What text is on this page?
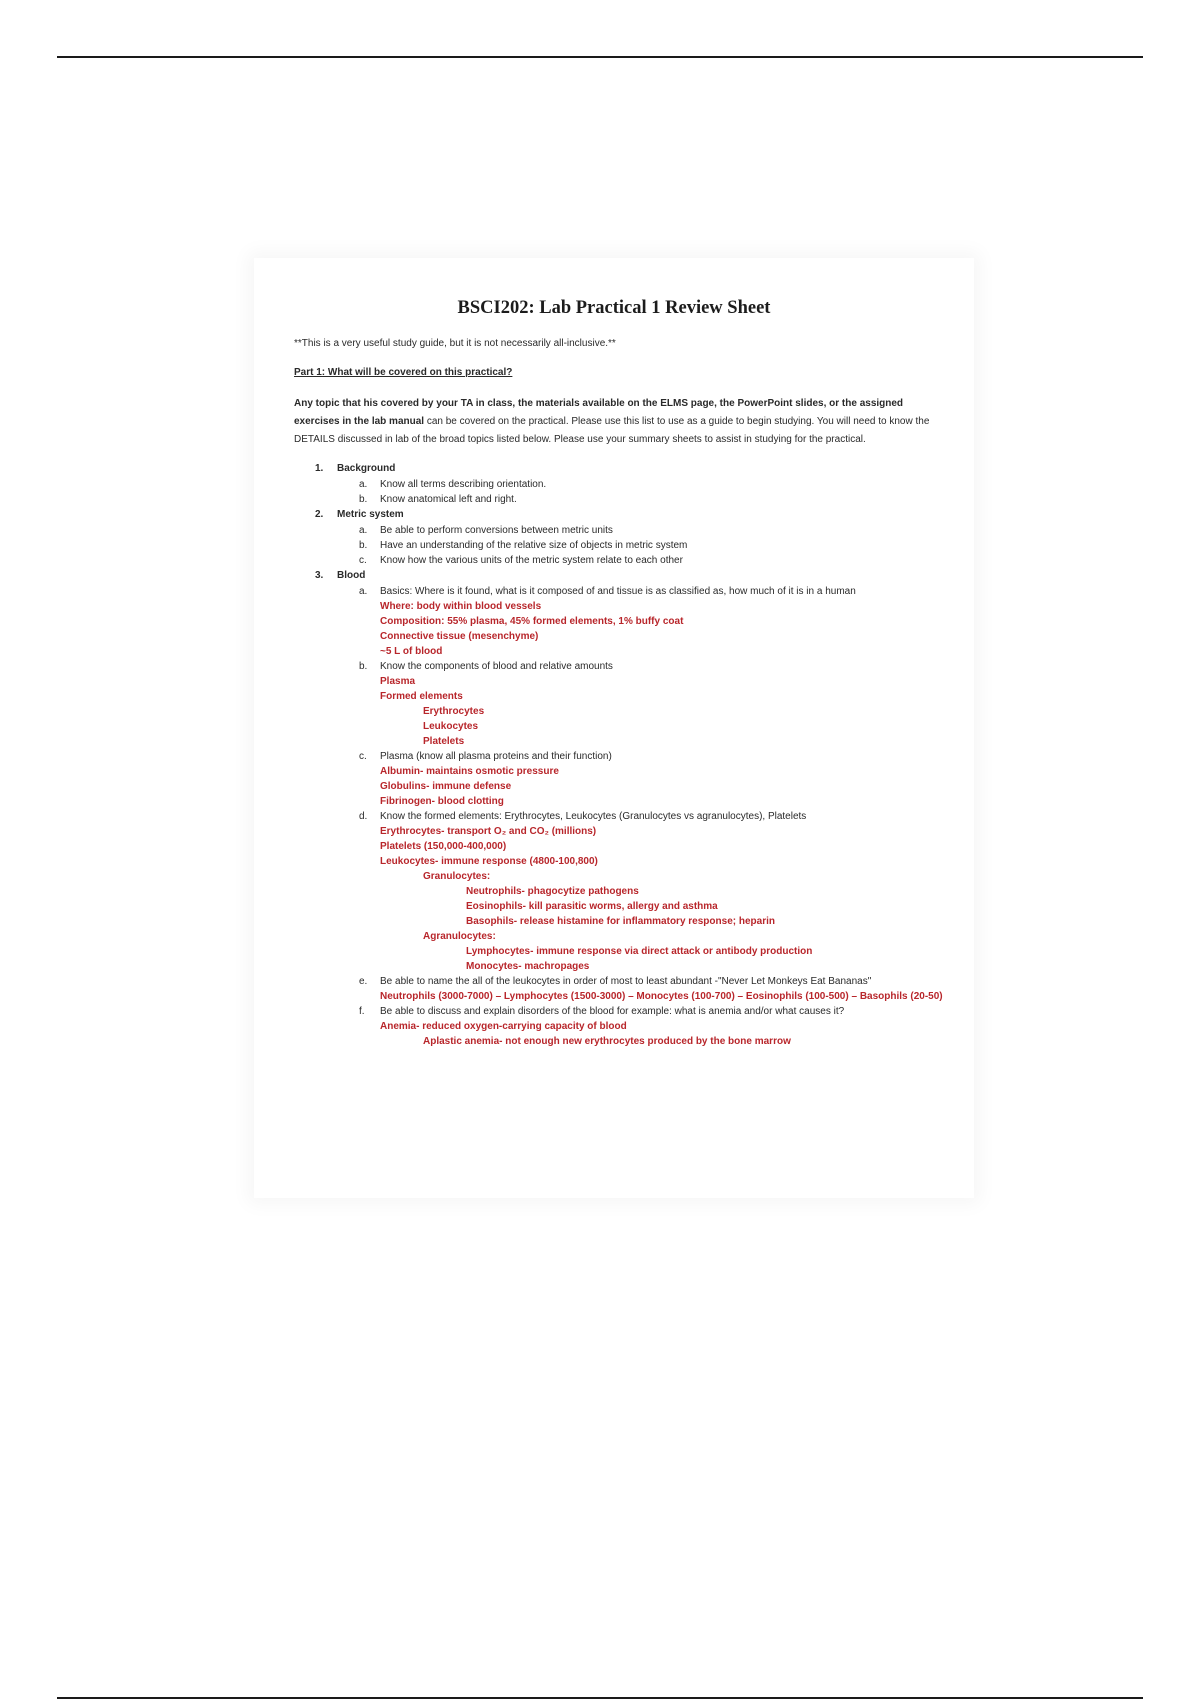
BSCI202: Lab Practical 1 Review Sheet

**This is a very useful study guide, but it is not necessarily all-inclusive.**

Part 1: What will be covered on this practical?

Any topic that his covered by your TA in class, the materials available on the ELMS page, the PowerPoint slides, or the assigned exercises in the lab manual can be covered on the practical. Please use this list to use as a guide to begin studying. You will need to know the DETAILS discussed in lab of the broad topics listed below. Please use your summary sheets to assist in studying for the practical.

1. Background
a. Know all terms describing orientation.
b. Know anatomical left and right.
2. Metric system
a. Be able to perform conversions between metric units
b. Have an understanding of the relative size of objects in metric system
c. Know how the various units of the metric system relate to each other
3. Blood
a. Basics: Where is it found, what is it composed of and tissue is as classified as, how much of it is in a human
Where: body within blood vessels
Composition: 55% plasma, 45% formed elements, 1% buffy coat
Connective tissue (mesenchyme)
~5 L of blood
b. Know the components of blood and relative amounts
Plasma
Formed elements
Erythrocytes
Leukocytes
Platelets
c. Plasma (know all plasma proteins and their function)
Albumin- maintains osmotic pressure
Globulins- immune defense
Fibrinogen- blood clotting
d. Know the formed elements: Erythrocytes, Leukocytes (Granulocytes vs agranulocytes), Platelets
Erythrocytes- transport O₂ and CO₂ (millions)
Platelets (150,000-400,000)
Leukocytes- immune response (4800-100,800)
Granulocytes:
Neutrophils- phagocytize pathogens
Eosinophils- kill parasitic worms, allergy and asthma
Basophils- release histamine for inflammatory response; heparin
Agranulocytes:
Lymphocytes- immune response via direct attack or antibody production
Monocytes- machropages
e. Be able to name the all of the leukocytes in order of most to least abundant -"Never Let Monkeys Eat Bananas"
Neutrophils (3000-7000) – Lymphocytes (1500-3000) – Monocytes (100-700) – Eosinophils (100-500) – Basophils (20-50)
f. Be able to discuss and explain disorders of the blood for example: what is anemia and/or what causes it?
Anemia- reduced oxygen-carrying capacity of blood
Aplastic anemia- not enough new erythrocytes produced by the bone marrow
